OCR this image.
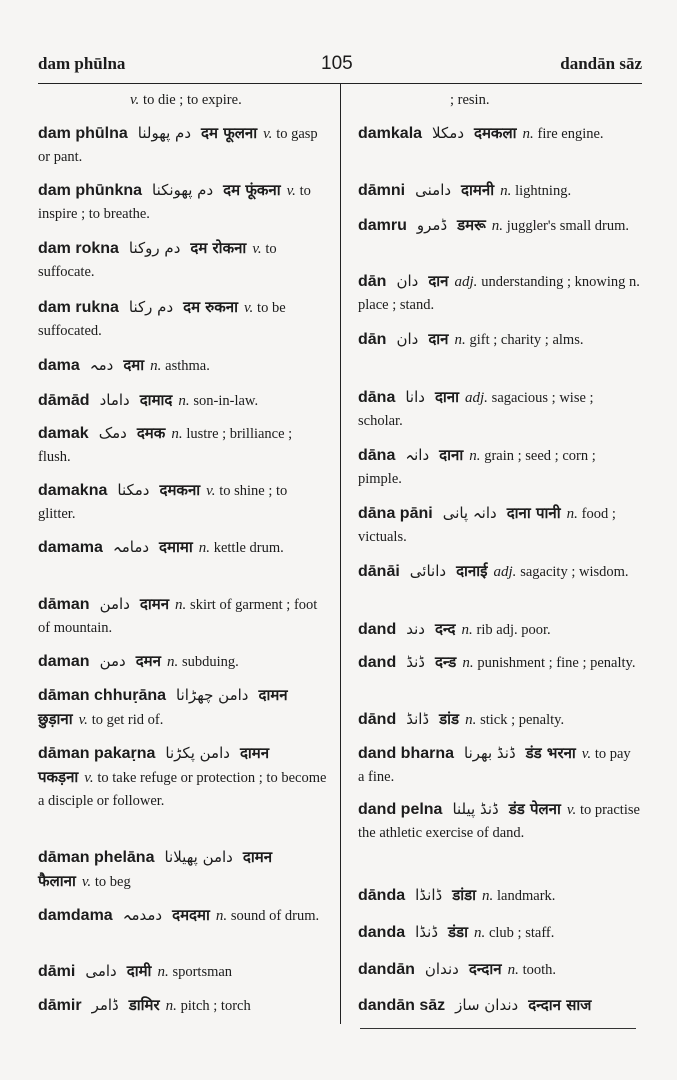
dam phūlna	105	dandān sāz
v. to die ; to expire.
dam phūlna دم پھولنا दम फूलना v. to gasp or pant.
dam phūnkna دم پھونکنا दम फूंकना v. to inspire ; to breathe.
dam rokna دم روکنا दम रोकना v. to suffocate.
dam rukna دم رکنا दम रुकना v. to be suffocated.
dama دمہ दमा n. asthma.
dāmād داماد दामाद n. son-in-law.
damak دمک दमक n. lustre ; brilliance ; flush.
damakna دمکنا दमकना v. to shine ; to glitter.
damama دمامہ दमामा n. kettle drum.
dāman دامن दामन n. skirt of garment ; foot of mountain.
daman دمن दमन n. subduing.
dāman chhuṛāna دامن چھڑانا दामन छुड़ाना v. to get rid of.
dāman pakaṛna دامن پکڑنا दामन पकड़ना v. to take refuge or protection ; to become a disciple or follower.
dāman phelāna دامن پھیلانا दामन फैलाना v. to beg
damdama دمدمہ दमदमा n. sound of drum.
dāmi دامی दामी n. sportsman
dāmir ڈامر डामिर n. pitch ; torch
; resin.
damkala دمکلا दमकला n. fire engine.
dāmni دامنی दामनी n. lightning.
damru ڈمرو डमरू n. juggler's small drum.
dān دان दान adj. understanding ; knowing n. place ; stand.
dān دان दान n. gift ; charity ; alms.
dāna دانا दाना adj. sagacious ; wise ; scholar.
dāna دانہ दाना n. grain ; seed ; corn ; pimple.
dāna pāni دانہ پانی दाना पानी n. food ; victuals.
dānāi دانائی दानाई adj. sagacity ; wisdom.
dand دند दन्द n. rib adj. poor.
dand ڈنڈ दन्ड n. punishment ; fine ; penalty.
dānd ڈانڈ डांड n. stick ; penalty.
dand bharna ڈنڈ بھرنا डंड भरना v. to pay a fine.
dand pelna ڈنڈ پیلنا डंड पेलना v. to practise the athletic exercise of dand.
dānda ڈانڈا डांडा n. landmark.
danda ڈنڈا डंडा n. club ; staff.
dandān دندان दन्दान n. tooth.
dandān sāz دندان ساز दन्दान साज
